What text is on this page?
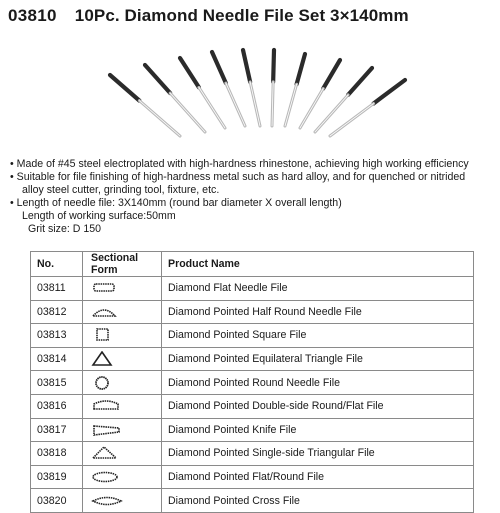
03810 10Pc. Diamond Needle File Set 3×140mm
• Made of #45 steel electroplated with high-hardness rhinestone, achieving high working efficiency
• Suitable for file finishing of high-hardness metal such as hard alloy, and for quenched or nitrided
alloy steel cutter, grinding tool, fixture, etc.
• Length of needle file: 3X140mm (round bar diameter X overall length)
Length of working surface:50mm
Grit size: D 150
No.	Sectional Form	Product Name
03811		Diamond Flat Needle File
03812		Diamond Pointed Half Round Needle File
03813		Diamond Pointed Square File
03814		Diamond Pointed Equilateral Triangle File
03815		Diamond Pointed Round Needle File
03816		Diamond Pointed Double-side Round/Flat File
03817		Diamond Pointed Knife File
03818		Diamond Pointed Single-side Triangular File
03819		Diamond Pointed Flat/Round File
03820		Diamond Pointed Cross File
